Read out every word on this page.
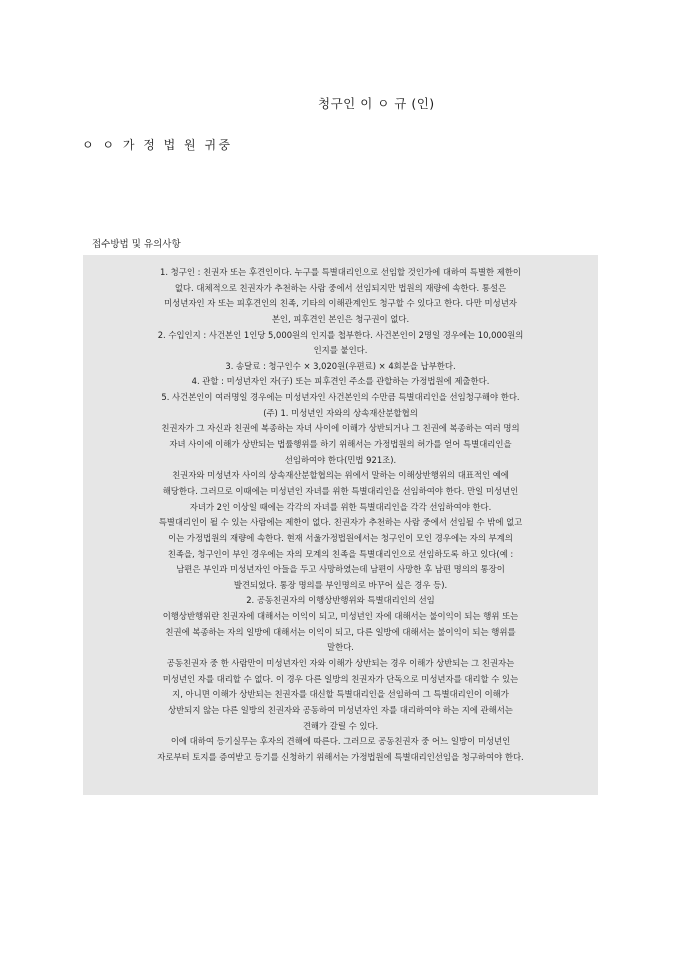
청구인 이 ㅇ 규 (인)
ㅇ ㅇ 가 정 법 원 귀중
접수방법 및 유의사항
1. 청구인 : 친권자 또는 후견인이다. 누구를 특별대리인으로 선임할 것인가에 대하여 특별한 제한이
없다. 대체적으로 친권자가 추천하는 사람 중에서 선임되지만 법원의 재량에 속한다. 통설은
미성년자인 자 또는 피후견인의 친족, 기타의 이해관계인도 청구할 수 있다고 한다. 다만 미성년자
본인, 피후견인 본인은 청구권이 없다.
2. 수입인지 : 사건본인 1인당 5,000원의 인지를 첩부한다. 사건본인이 2명일 경우에는 10,000원의
인지를 붙인다.
3. 송달료 : 청구인수 × 3,020원(우편료) × 4회분을 납부한다.
4. 관할 : 미성년자인 자(子) 또는 피후견인 주소를 관할하는 가정법원에 제출한다.
5. 사건본인이 여러명일 경우에는 미성년자인 사건본인의 수만큼 특별대리인을 선임청구해야 한다.
(주) 1. 미성년인 자와의 상속재산분할협의
친권자가 그 자신과 친권에 복종하는 자녀 사이에 이해가 상반되거나 그 친권에 복종하는 여러 명의
자녀 사이에 이해가 상반되는 법률행위를 하기 위해서는 가정법원의 허가를 얻어 특별대리인을
선임하여야 한다(민법 921조).
친권자와 미성년자 사이의 상속재산분할협의는 위에서 말하는 이해상반행위의 대표적인 예에
해당한다. 그러므로 이때에는 미성년인 자녀를 위한 특별대리인을 선임하여야 한다. 만일 미성년인
자녀가 2인 이상일 때에는 각각의 자녀를 위한 특별대리인을 각각 선임하여야 한다.
특별대리인이 될 수 있는 사람에는 제한이 없다. 친권자가 추천하는 사람 중에서 선임될 수 밖에 없고
이는 가정법원의 재량에 속한다. 현재 서울가정법원에서는 청구인이 모인 경우에는 자의 부계의
친족을, 청구인이 부인 경우에는 자의 모계의 친족을 특별대리인으로 선임하도록 하고 있다(예 :
남편은 부인과 미성년자인 아들을 두고 사망하였는데 남편이 사망한 후 남편 명의의 통장이
발견되었다. 통장 명의를 부인명의로 바꾸어 싶은 경우 등).
2. 공동친권자의 이행상반행위와 특별대리인의 선임
이행상반행위란 친권자에 대해서는 이익이 되고, 미성년인 자에 대해서는 불이익이 되는 행위 또는
친권에 복종하는 자의 일방에 대해서는 이익이 되고, 다른 일방에 대해서는 불이익이 되는 행위를
말한다.
공동친권자 중 한 사람만이 미성년자인 자와 이해가 상반되는 경우 이해가 상반되는 그 친권자는
미성년인 자를 대리할 수 없다. 이 경우 다른 일방의 친권자가 단독으로 미성년자를 대리할 수 있는
지, 아니면 이해가 상반되는 친권자를 대신할 특별대리인을 선임하여 그 특별대리인이 이해가
상반되지 않는 다른 일방의 친권자와 공동하여 미성년자인 자를 대리하여야 하는 지에 관해서는
견해가 갈릴 수 있다.
이에 대하여 등기실무는 후자의 견해에 따른다. 그러므로 공동친권자 중 어느 일방이 미성년인
자로부터 토지를 증여받고 등기를 신청하기 위해서는 가정법원에 특별대리인선임을 청구하여야 한다.
